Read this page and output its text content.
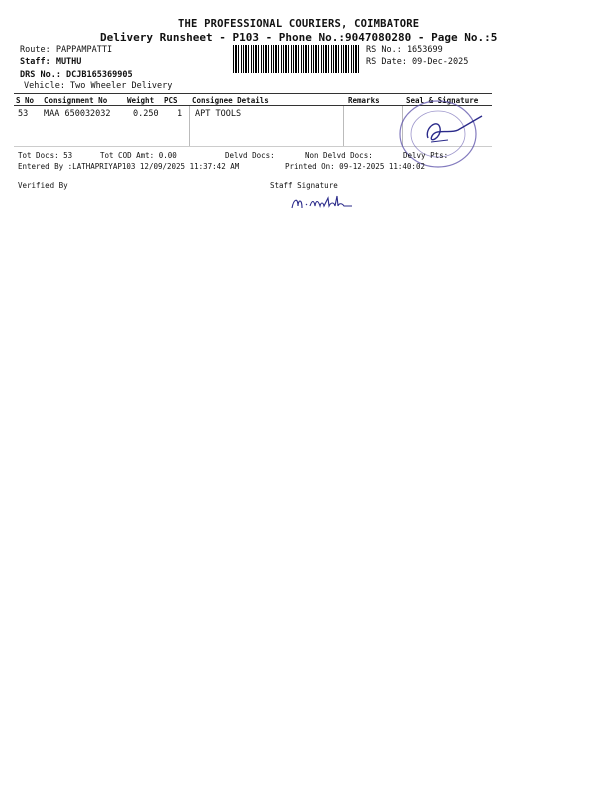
THE PROFESSIONAL COURIERS, COIMBATORE
Delivery Runsheet - P103 - Phone No.:9047080280 - Page No.:5
Route: PAPPAMPATTI
Staff: MUTHU
DRS No.: DCJB165369905
Vehicle: Two Wheeler Delivery
RS No.: 1653699
RS Date: 09-Dec-2025
S No Consignment No	Weight PCS Consignee Details	Remarks	Seal & Signature
53 MAA 650032032	0.250 1 APT TOOLS
Tot Docs: 53	Tot COD Amt: 0.00	Delvd Docs:	Non Delvd Docs:	Delvy Pts:
Entered By :LATHAPRIYAP103 12/09/2025 11:37:42 AM	Printed On: 09-12-2025 11:40:02
Verified By	Staff Signature
